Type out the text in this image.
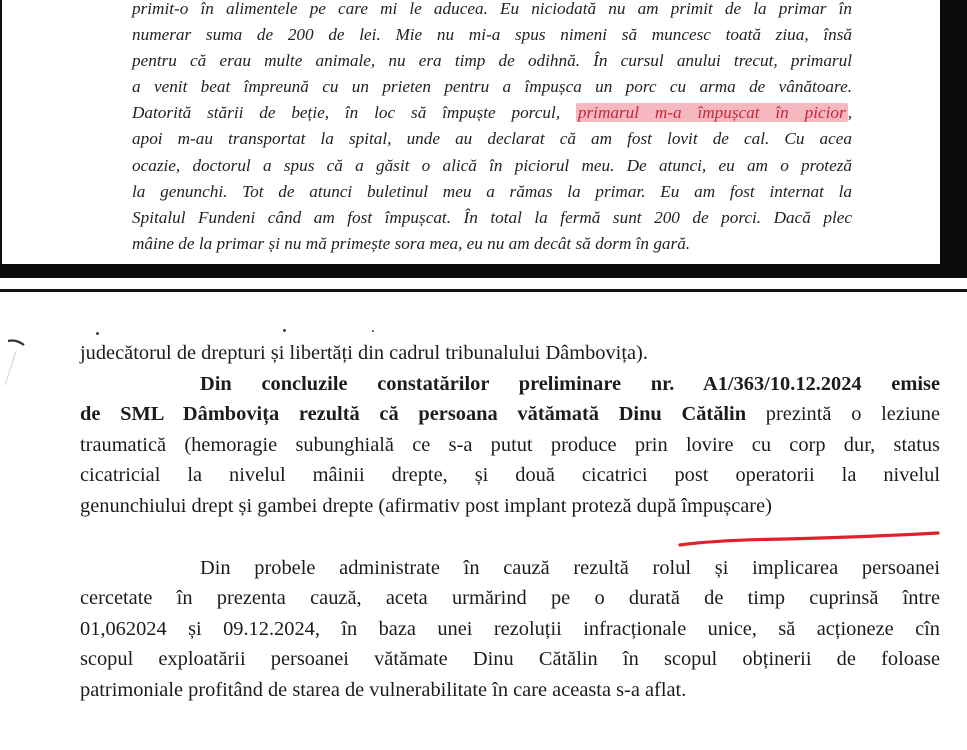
primit-o în alimentele pe care mi le aducea. Eu niciodată nu am primit de la primar în
numerar suma de 200 de lei. Mie nu mi-a spus nimeni să muncesc toată ziua, însă
pentru că erau multe animale, nu era timp de odihnă. În cursul anului trecut, primarul
a venit beat împreună cu un prieten pentru a împușca un porc cu arma de vânătoare.
Datorită stării de beție, în loc să împuște porcul, primarul m-a împușcat în picior ,
apoi m-au transportat la spital, unde au declarat că am fost lovit de cal. Cu acea
ocazie, doctorul a spus că a găsit o alică în piciorul meu. De atunci, eu am o proteză
la genunchi. Tot de atunci buletinul meu a rămas la primar. Eu am fost internat la
Spitalul Fundeni când am fost împușcat. În total la fermă sunt 200 de porci. Dacă plec
mâine de la primar și nu mă primește sora mea, eu nu am decât să dorm în gară.
judecătorul de drepturi și libertăți din cadrul tribunalului Dâmbovița).
Din concluzile constatărilor preliminare nr. A1/363/10.12.2024 emise
de SML Dâmbovița rezultă că persoana vătămată Dinu Cătălin prezintă o leziune
traumatică (hemoragie subunghială ce s-a putut produce prin lovire cu corp dur, status
cicatricial la nivelul mâinii drepte, și două cicatrici post operatorii la nivelul
genunchiului drept și gambei drepte (afirmativ post implant proteză după împușcare)
Din probele administrate în cauză rezultă rolul și implicarea persoanei
cercetate în prezenta cauză, aceta urmărind pe o durată de timp cuprinsă între
01,062024 și 09.12.2024, în baza unei rezoluții infracționale unice, să acționeze cîn
scopul exploatării persoanei vătămate Dinu Cătălin în scopul obținerii de foloase
patrimoniale profitând de starea de vulnerabilitate în care aceasta s-a aflat.
